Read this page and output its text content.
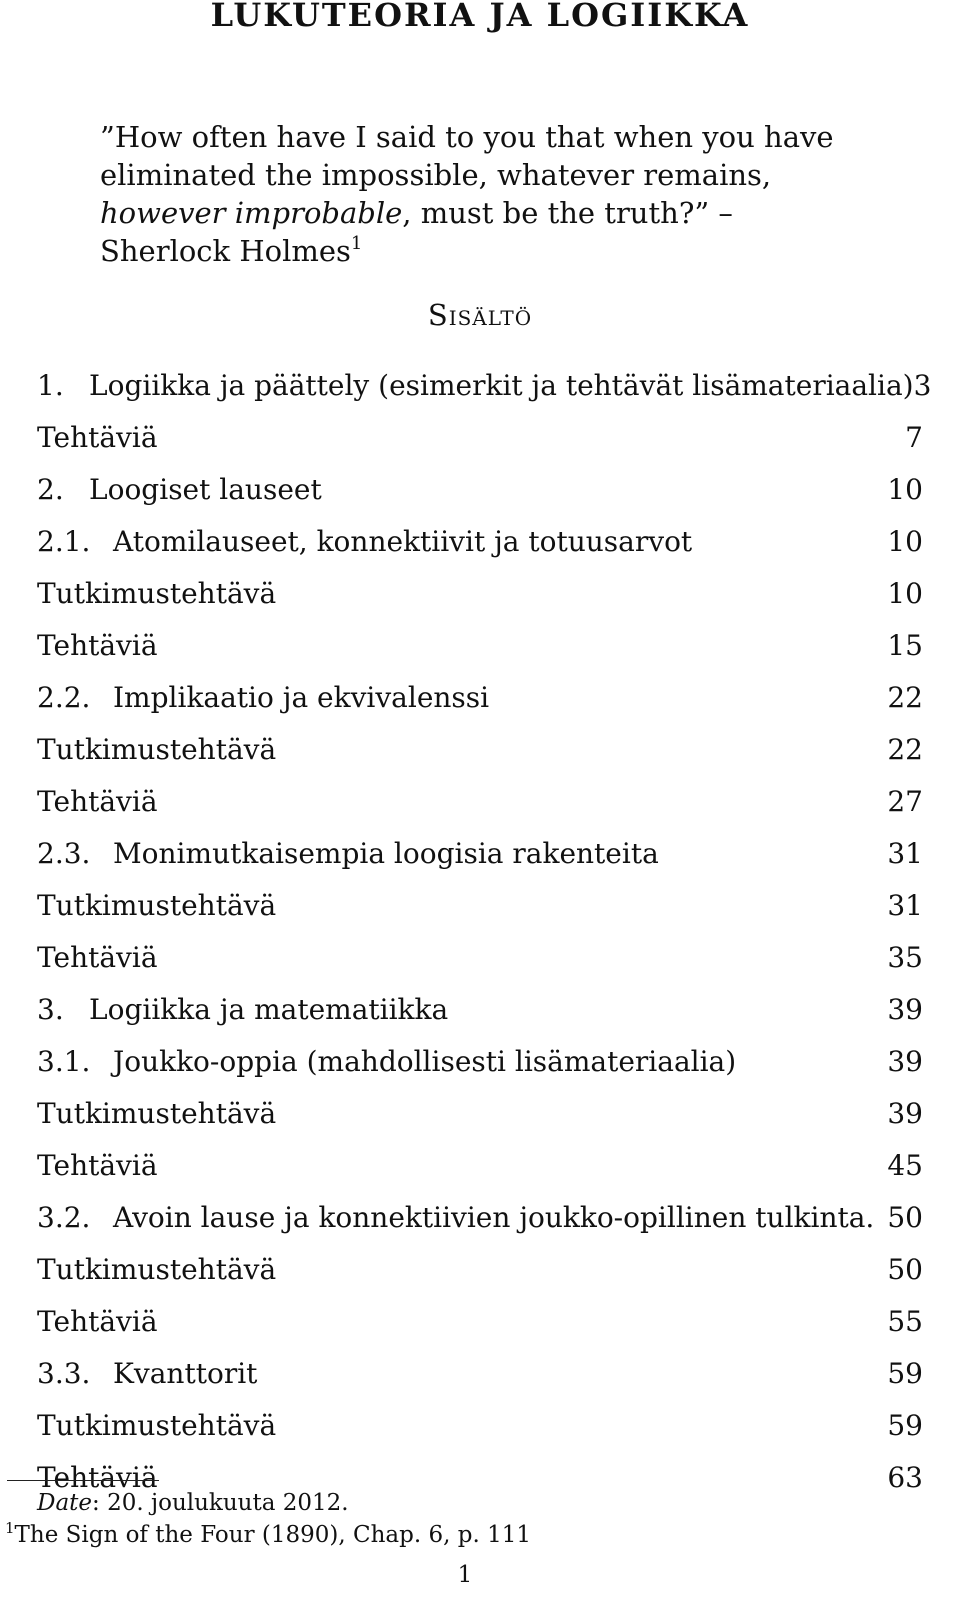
LUKUTEORIA JA LOGIIKKA
”How often have I said to you that when you have eliminated the impossible, whatever remains, however improbable, must be the truth?” – Sherlock Holmes$^1$
Sisältö
1. Logiikka ja päättely (esimerkit ja tehtävät lisämateriaalia) 3
Tehtäviä	7
2. Loogiset lauseet	10
2.1. Atomilauseet, konnektiivit ja totuusarvot	10
Tutkimustehtävä	10
Tehtäviä	15
2.2. Implikaatio ja ekvivalenssi	22
Tutkimustehtävä	22
Tehtäviä	27
2.3. Monimutkaisempia loogisia rakenteita	31
Tutkimustehtävä	31
Tehtäviä	35
3. Logiikka ja matematiikka	39
3.1. Joukko-oppia (mahdollisesti lisämateriaalia)	39
Tutkimustehtävä	39
Tehtäviä	45
3.2. Avoin lause ja konnektiivien joukko-opillinen tulkinta. 50
Tutkimustehtävä	50
Tehtäviä	55
3.3. Kvanttorit	59
Tutkimustehtävä	59
Tehtäviä	63
Date: 20. joulukuuta 2012.
$^1$The Sign of the Four (1890), Chap. 6, p. 111
1
